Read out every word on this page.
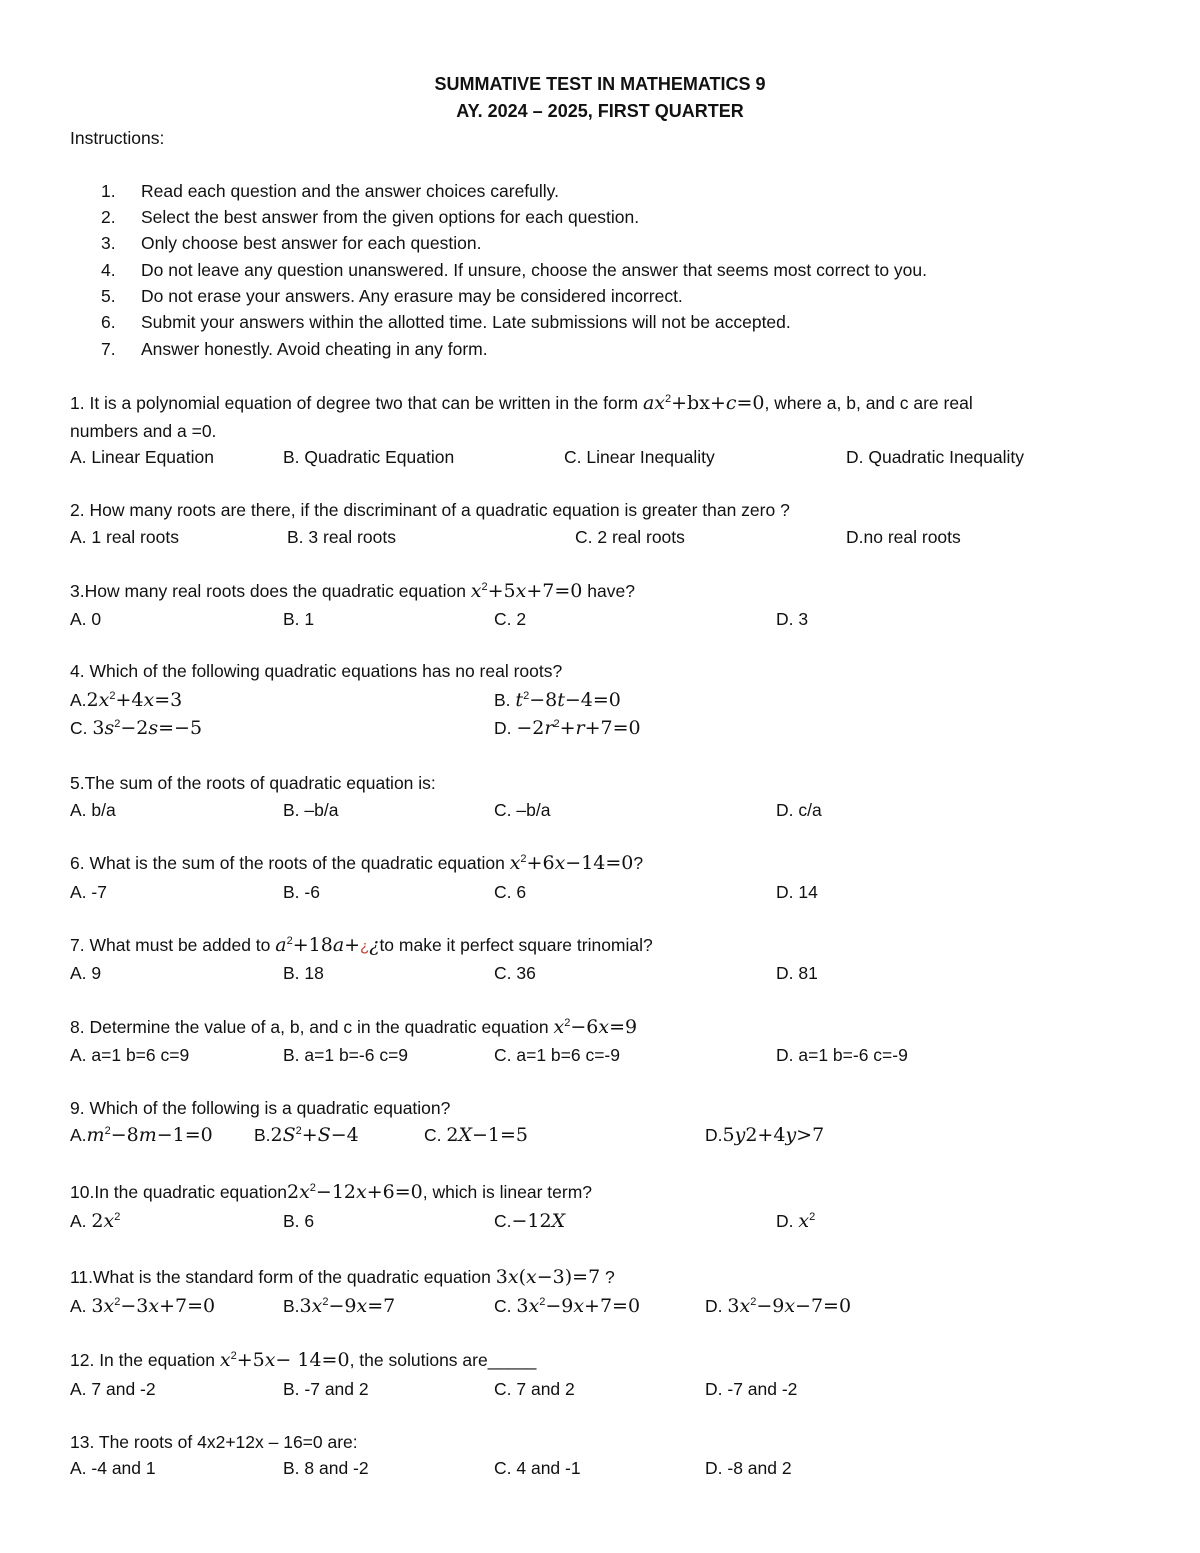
SUMMATIVE TEST IN MATHEMATICS 9
AY. 2024 – 2025, FIRST QUARTER
Instructions:
1. Read each question and the answer choices carefully.
2. Select the best answer from the given options for each question.
3. Only choose best answer for each question.
4. Do not leave any question unanswered. If unsure, choose the answer that seems most correct to you.
5. Do not erase your answers. Any erasure may be considered incorrect.
6. Submit your answers within the allotted time. Late submissions will not be accepted.
7. Answer honestly. Avoid cheating in any form.
1. It is a polynomial equation of degree two that can be written in the form $ax^2+bx+c=0$, where a, b, and c are real
numbers and a =0.
A. Linear Equation	B. Quadratic Equation	C. Linear Inequality	D. Quadratic Inequality
2. How many roots are there, if the discriminant of a quadratic equation is greater than zero ?
A. 1 real roots	B. 3 real roots	C. 2 real roots	D.no real roots
3.How many real roots does the quadratic equation $x^2+5x+7=0$ have?
A. 0	B. 1	C. 2	D. 3
4. Which of the following quadratic equations has no real roots?
$A.2x^2+4x=3$	B. $t^2-8t-4=0$
C. $3s^2-2s=-5$	D. $-2r^2+r+7=0$
5.The sum of the roots of quadratic equation is:
A. b/a	B. –b/a	C. –b/a	D. c/a
6. What is the sum of the roots of the quadratic equation $x^2+6x-14=0$?
A. -7	B. -6	C. 6	D. 14
7. What must be added to $a^2+18a+¿¿to$ make it perfect square trinomial?
A. 9	B. 18	C. 36	D. 81
8. Determine the value of a, b, and c in the quadratic equation $x^2-6x=9$
A. a=1 b=6 c=9	B. a=1 b=-6 c=9	C. a=1 b=6 c=-9	D. a=1 b=-6 c=-9
9. Which of the following is a quadratic equation?
$A.m^2-8m-1=0$ $B.2S^2+S-4$	C. 2X−1=5	D.5y2+4y>7
10.In the quadratic $equation2x^2-12x+6=0$, which is linear term?
A. $2x^2$	B. 6	C.−12X	D. $x^2$
11.What is the standard form of the quadratic equation 3x(x−3)=7 ?
A. $3x^2-3x+7=0$	$B.3x^2-9x=7$	C. $3x^2-9x+7=0$	D. $3x^2-9x-7=0$
12. In the equation $x^2+5x- 14=0$, the solutions are_____
A. 7 and -2	B. -7 and 2	C. 7 and 2	D. -7 and -2
13. The roots of 4x2+12x – 16=0 are:
A. -4 and 1	B. 8 and -2	C. 4 and -1	D. -8 and 2
